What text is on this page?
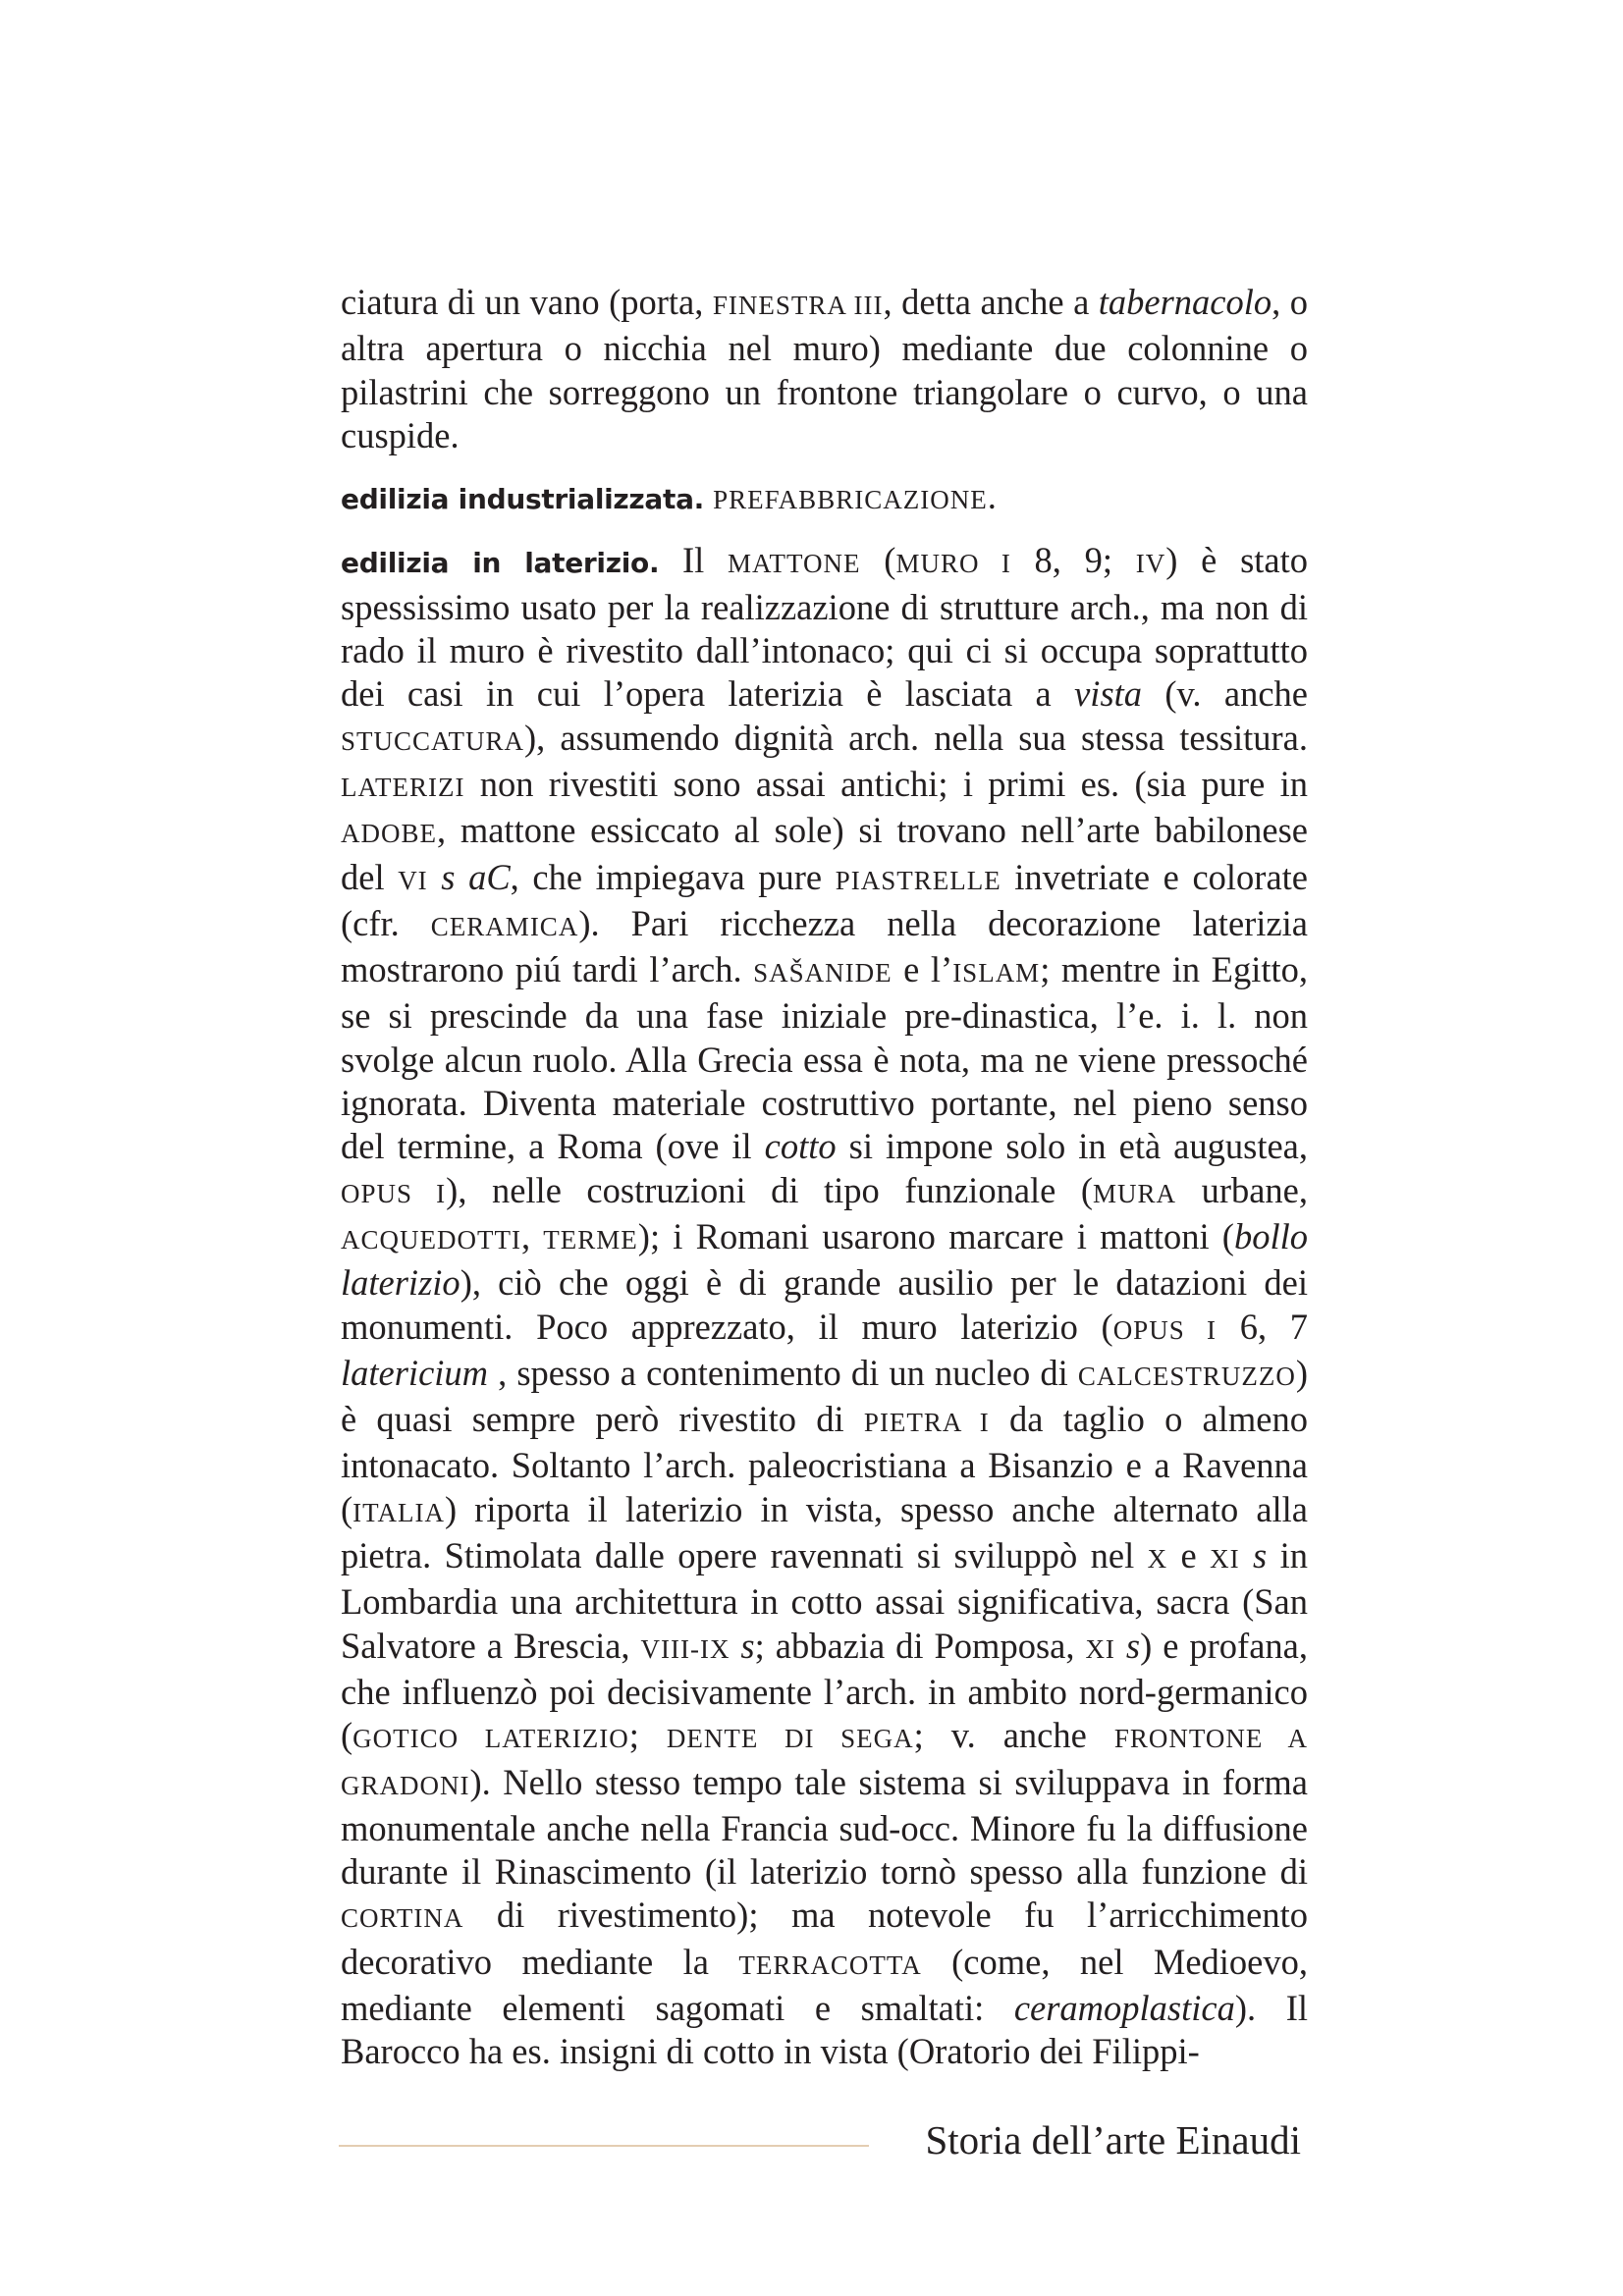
ciatura di un vano (porta, FINESTRA III, detta anche a tabernacolo, o altra apertura o nicchia nel muro) mediante due colonnine o pilastrini che sorreggono un frontone triangolare o curvo, o una cuspide.

edilizia industrializzata. PREFABBRICAZIONE.

edilizia in laterizio. Il MATTONE (MURO I 8, 9; IV) è stato spessissimo usato per la realizzazione di strutture arch., ma non di rado il muro è rivestito dall’intonaco; qui ci si occupa soprattutto dei casi in cui l’opera laterizia è lasciata a vista (v. anche STUCCATURA), assumendo dignità arch. nella sua stessa tessitura. LATERIZI non rivestiti sono assai antichi; i primi es. (sia pure in ADOBE, mattone essiccato al sole) si trovano nell’arte babilonese del VI s aC, che impiegava pure PIASTRELLE invetriate e colorate (cfr. CERAMICA). Pari ricchezza nella decorazione laterizia mostrarono piú tardi l’arch. SAŠANIDE e l’ISLAM; mentre in Egitto, se si prescinde da una fase iniziale pre-dinastica, l’e. i. l. non svolge alcun ruolo. Alla Grecia essa è nota, ma ne viene pressoché ignorata. Diventa materiale costruttivo portante, nel pieno senso del termine, a Roma (ove il cotto si impone solo in età augustea, OPUS I), nelle costruzioni di tipo funzionale (MURA urbane, ACQUEDOTTI, TERME); i Romani usarono marcare i mattoni (bollo laterizio), ciò che oggi è di grande ausilio per le datazioni dei monumenti. Poco apprezzato, il muro laterizio (OPUS I 6, 7 latericium , spesso a contenimento di un nucleo di CALCESTRUZZO) è quasi sempre però rivestito di PIETRA I da taglio o almeno intonacato. Soltanto l’arch. paleocristiana a Bisanzio e a Ravenna (ITALIA) riporta il laterizio in vista, spesso anche alternato alla pietra. Stimolata dalle opere ravennati si sviluppò nel X e XI s in Lombardia una architettura in cotto assai significativa, sacra (San Salvatore a Brescia, VIII-IX s; abbazia di Pomposa, XI s) e profana, che influenzò poi decisivamente l’arch. in ambito nord-germanico (GOTICO LATERIZIO; DENTE DI SEGA; v. anche FRONTONE A GRADONI). Nello stesso tempo tale sistema si sviluppava in forma monumentale anche nella Francia sud-occ. Minore fu la diffusione durante il Rinascimento (il laterizio tornò spesso alla funzione di CORTINA di rivestimento); ma notevole fu l’arricchimento decorativo mediante la TERRACOTTA (come, nel Medioevo, mediante elementi sagomati e smaltati: ceramoplastica). Il Barocco ha es. insigni di cotto in vista (Oratorio dei Filippi-

Storia dell’arte Einaudi
